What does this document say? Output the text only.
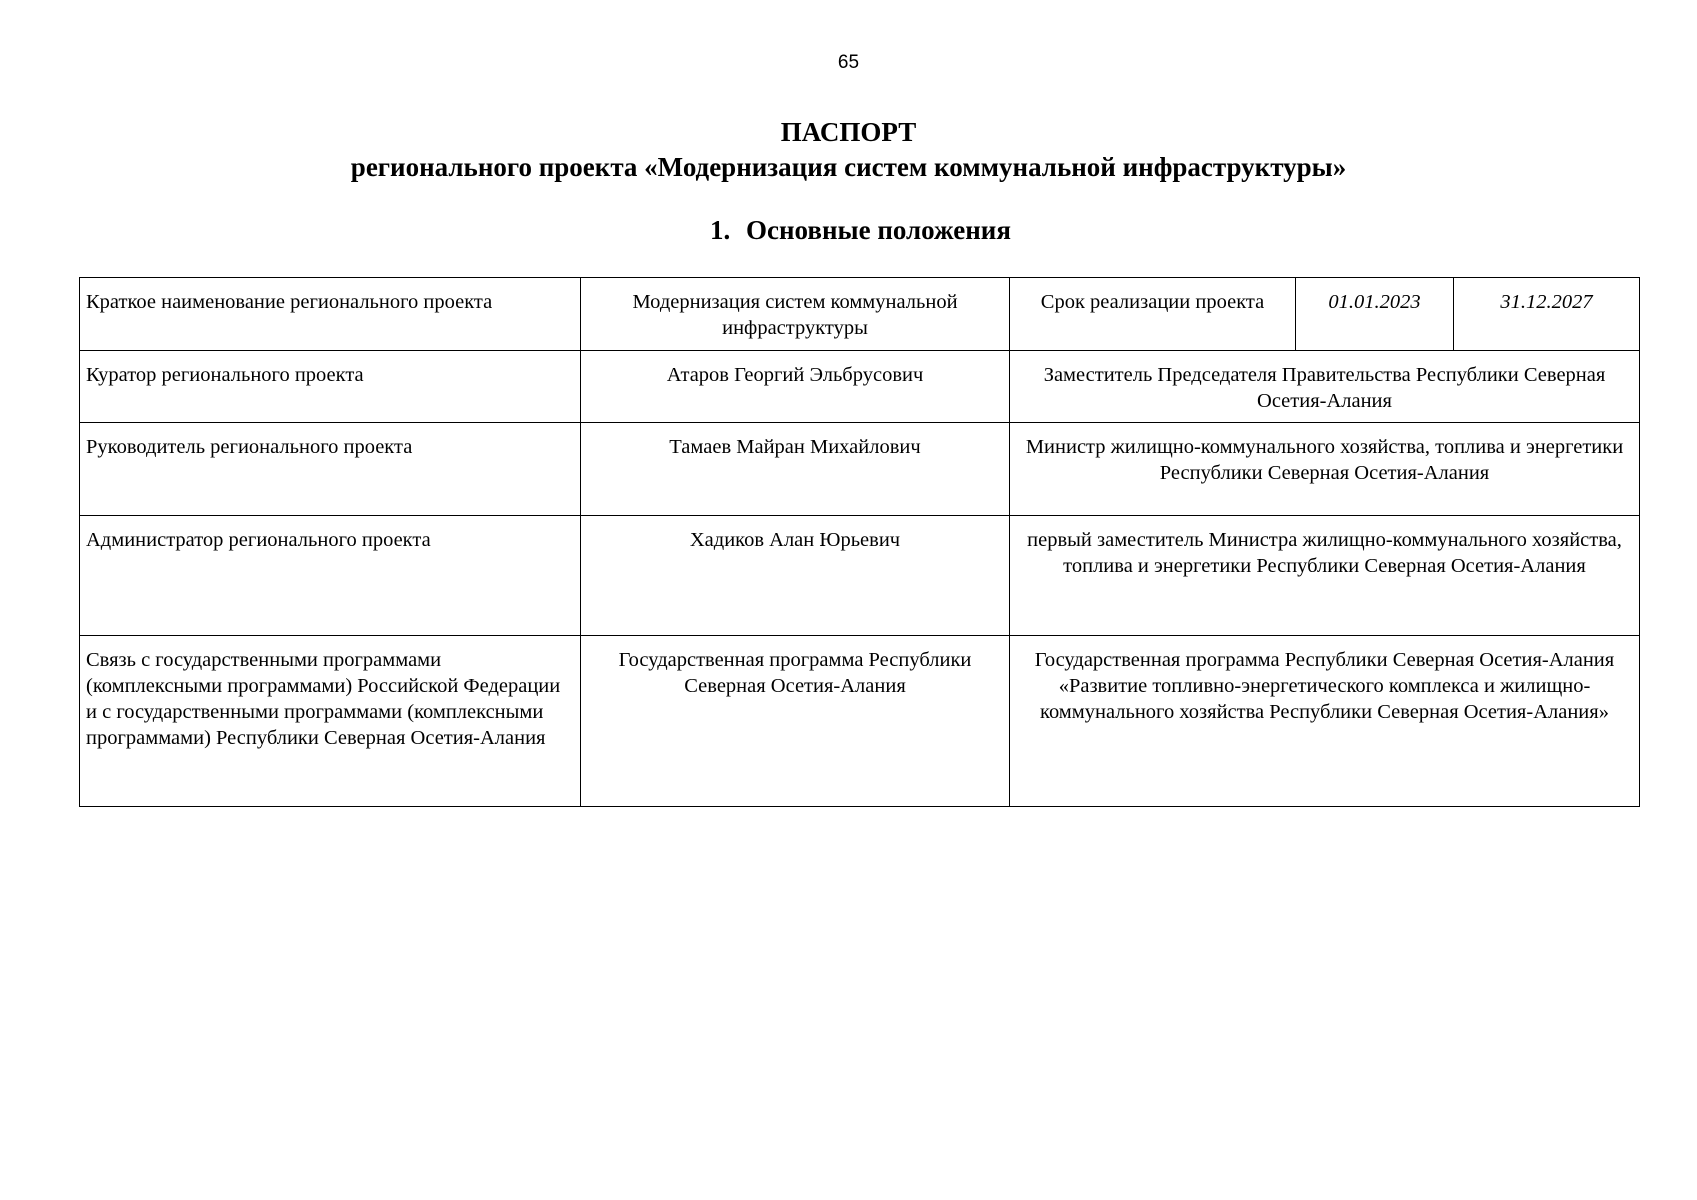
65
ПАСПОРТ
регионального проекта «Модернизация систем коммунальной инфраструктуры»
1. Основные положения
Краткое наименование регионального проекта	Модернизация систем коммунальной инфраструктуры	Срок реализации проекта	01.01.2023	31.12.2027
Куратор регионального проекта	Атаров Георгий Эльбрусович	Заместитель Председателя Правительства Республики Северная Осетия-Алания		
Руководитель регионального проекта	Тамаев Майран Михайлович	Министр жилищно-коммунального хозяйства, топлива и энергетики Республики Северная Осетия-Алания		
Администратор регионального проекта	Хадиков Алан Юрьевич	первый заместитель Министра жилищно-коммунального хозяйства, топлива и энергетики Республики Северная Осетия-Алания		
Связь с государственными программами (комплексными программами) Российской Федерации и с государственными программами (комплексными программами) Республики Северная Осетия-Алания	Государственная программа Республики Северная Осетия-Алания	Государственная программа Республики Северная Осетия-Алания «Развитие топливно-энергетического комплекса и жилищно-коммунального хозяйства Республики Северная Осетия-Алания»		
